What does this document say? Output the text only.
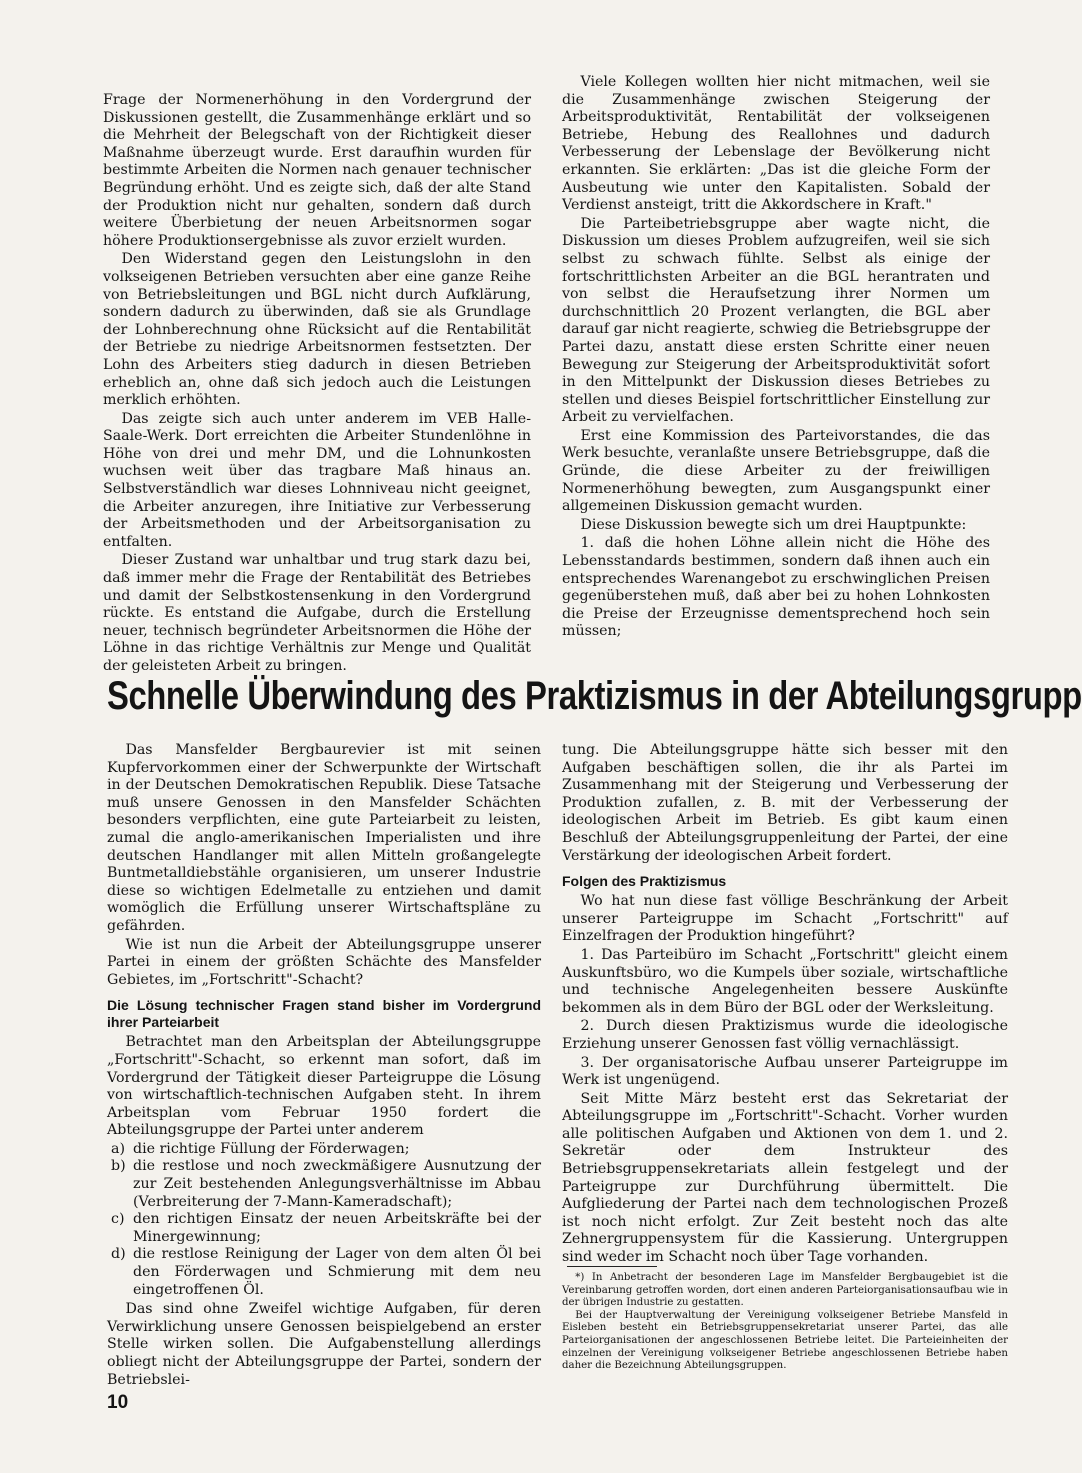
Frage der Normenerhöhung in den Vordergrund der Diskussionen gestellt, die Zusammenhänge erklärt und so die Mehrheit der Belegschaft von der Richtigkeit dieser Maßnahme überzeugt wurde. Erst daraufhin wurden für bestimmte Arbeiten die Normen nach genauer technischer Begründung erhöht. Und es zeigte sich, daß der alte Stand der Produktion nicht nur gehalten, sondern daß durch weitere Überbietung der neuen Arbeitsnormen sogar höhere Produktionsergebnisse als zuvor erzielt wurden.

Den Widerstand gegen den Leistungslohn in den volkseigenen Betrieben versuchten aber eine ganze Reihe von Betriebsleitungen und BGL nicht durch Aufklärung, sondern dadurch zu überwinden, daß sie als Grundlage der Lohnberechnung ohne Rücksicht auf die Rentabilität der Betriebe zu niedrige Arbeitsnormen festsetzten. Der Lohn des Arbeiters stieg dadurch in diesen Betrieben erheblich an, ohne daß sich jedoch auch die Leistungen merklich erhöhten.

Das zeigte sich auch unter anderem im VEB Halle-Saale-Werk. Dort erreichten die Arbeiter Stundenlöhne in Höhe von drei und mehr DM, und die Lohnunkosten wuchsen weit über das tragbare Maß hinaus an. Selbstverständlich war dieses Lohnniveau nicht geeignet, die Arbeiter anzuregen, ihre Initiative zur Verbesserung der Arbeitsmethoden und der Arbeitsorganisation zu entfalten.

Dieser Zustand war unhaltbar und trug stark dazu bei, daß immer mehr die Frage der Rentabilität des Betriebes und damit der Selbstkostensenkung in den Vordergrund rückte. Es entstand die Aufgabe, durch die Erstellung neuer, technisch begründeter Arbeitsnormen die Höhe der Löhne in das richtige Verhältnis zur Menge und Qualität der geleisteten Arbeit zu bringen.

Viele Kollegen wollten hier nicht mitmachen, weil sie die Zusammenhänge zwischen Steigerung der Arbeitsproduktivität, Rentabilität der volkseigenen Betriebe, Hebung des Reallohnes und dadurch Verbesserung der Lebenslage der Bevölkerung nicht erkannten. Sie erklärten: „Das ist die gleiche Form der Ausbeutung wie unter den Kapitalisten. Sobald der Verdienst ansteigt, tritt die Akkordschere in Kraft."

Die Parteibetriebsgruppe aber wagte nicht, die Diskussion um dieses Problem aufzugreifen, weil sie sich selbst zu schwach fühlte. Selbst als einige der fortschrittlichsten Arbeiter an die BGL herantraten und von selbst die Heraufsetzung ihrer Normen um durchschnittlich 20 Prozent verlangten, die BGL aber darauf gar nicht reagierte, schwieg die Betriebsgruppe der Partei dazu, anstatt diese ersten Schritte einer neuen Bewegung zur Steigerung der Arbeitsproduktivität sofort in den Mittelpunkt der Diskussion dieses Betriebes zu stellen und dieses Beispiel fortschrittlicher Einstellung zur Arbeit zu vervielfachen.

Erst eine Kommission des Parteivorstandes, die das Werk besuchte, veranlaßte unsere Betriebsgruppe, daß die Gründe, die diese Arbeiter zu der freiwilligen Normenerhöhung bewegten, zum Ausgangspunkt einer allgemeinen Diskussion gemacht wurden.

Diese Diskussion bewegte sich um drei Hauptpunkte:

1. daß die hohen Löhne allein nicht die Höhe des Lebensstandards bestimmen, sondern daß ihnen auch ein entsprechendes Warenangebot zu erschwinglichen Preisen gegenüberstehen muß, daß aber bei zu hohen Lohnkosten die Preise der Erzeugnisse dementsprechend hoch sein müssen;

Schnelle Überwindung des Praktizismus in der Abteilungsgrupp

Das Mansfelder Bergbaurevier ist mit seinen Kupfervorkommen einer der Schwerpunkte der Wirtschaft in der Deutschen Demokratischen Republik. Diese Tatsache muß unsere Genossen in den Mansfelder Schächten besonders verpflichten, eine gute Parteiarbeit zu leisten, zumal die anglo-amerikanischen Imperialisten und ihre deutschen Handlanger mit allen Mitteln großangelegte Buntmetalldiebstähle organisieren, um unserer Industrie diese so wichtigen Edelmetalle zu entziehen und damit womöglich die Erfüllung unserer Wirtschaftspläne zu gefährden.

Wie ist nun die Arbeit der Abteilungsgruppe unserer Partei in einem der größten Schächte des Mansfelder Gebietes, im „Fortschritt"-Schacht?

Die Lösung technischer Fragen stand bisher im Vordergrund ihrer Parteiarbeit

Betrachtet man den Arbeitsplan der Abteilungsgruppe „Fortschritt"-Schacht, so erkennt man sofort, daß im Vordergrund der Tätigkeit dieser Parteigruppe die Lösung von wirtschaftlich-technischen Aufgaben steht. In ihrem Arbeitsplan vom Februar 1950 fordert die Abteilungsgruppe der Partei unter anderem

a) die richtige Füllung der Förderwagen;
b) die restlose und noch zweckmäßigere Ausnutzung der zur Zeit bestehenden Anlegungsverhältnisse im Abbau (Verbreiterung der 7-Mann-Kameradschaft);
c) den richtigen Einsatz der neuen Arbeitskräfte bei der Minergewinnung;
d) die restlose Reinigung der Lager von dem alten Öl bei den Förderwagen und Schmierung mit dem neu eingetroffenen Öl.

Das sind ohne Zweifel wichtige Aufgaben, für deren Verwirklichung unsere Genossen beispielgebend an erster Stelle wirken sollen. Die Aufgabenstellung allerdings obliegt nicht der Abteilungsgruppe der Partei, sondern der Betriebslei-

tung. Die Abteilungsgruppe hätte sich besser mit den Aufgaben beschäftigen sollen, die ihr als Partei im Zusammenhang mit der Steigerung und Verbesserung der Produktion zufallen, z. B. mit der Verbesserung der ideologischen Arbeit im Betrieb. Es gibt kaum einen Beschluß der Abteilungsgruppenleitung der Partei, der eine Verstärkung der ideologischen Arbeit fordert.

Folgen des Praktizismus

Wo hat nun diese fast völlige Beschränkung der Arbeit unserer Parteigruppe im Schacht „Fortschritt" auf Einzelfragen der Produktion hingeführt?

1. Das Parteibüro im Schacht „Fortschritt" gleicht einem Auskunftsbüro, wo die Kumpels über soziale, wirtschaftliche und technische Angelegenheiten bessere Auskünfte bekommen als in dem Büro der BGL oder der Werksleitung.

2. Durch diesen Praktizismus wurde die ideologische Erziehung unserer Genossen fast völlig vernachlässigt.

3. Der organisatorische Aufbau unserer Parteigruppe im Werk ist ungenügend.

Seit Mitte März besteht erst das Sekretariat der Abteilungsgruppe im „Fortschritt"-Schacht. Vorher wurden alle politischen Aufgaben und Aktionen von dem 1. und 2. Sekretär oder dem Instrukteur des Betriebsgruppensekretariats allein festgelegt und der Parteigruppe zur Durchführung übermittelt. Die Aufgliederung der Partei nach dem technologischen Prozeß ist noch nicht erfolgt. Zur Zeit besteht noch das alte Zehnergruppensystem für die Kassierung. Untergruppen sind weder im Schacht noch über Tage vorhanden.

*) In Anbetracht der besonderen Lage im Mansfelder Bergbaugebiet ist die Vereinbarung getroffen worden, dort einen anderen Parteiorganisationsaufbau wie in der übrigen Industrie zu gestatten.

Bei der Hauptverwaltung der Vereinigung volkseigener Betriebe Mansfeld in Eisleben besteht ein Betriebsgruppensekretariat unserer Partei, das alle Parteiorganisationen der angeschlossenen Betriebe leitet. Die Parteieinheiten der einzelnen der Vereinigung volkseigener Betriebe angeschlossenen Betriebe haben daher die Bezeichnung Abteilungsgruppen.

10
